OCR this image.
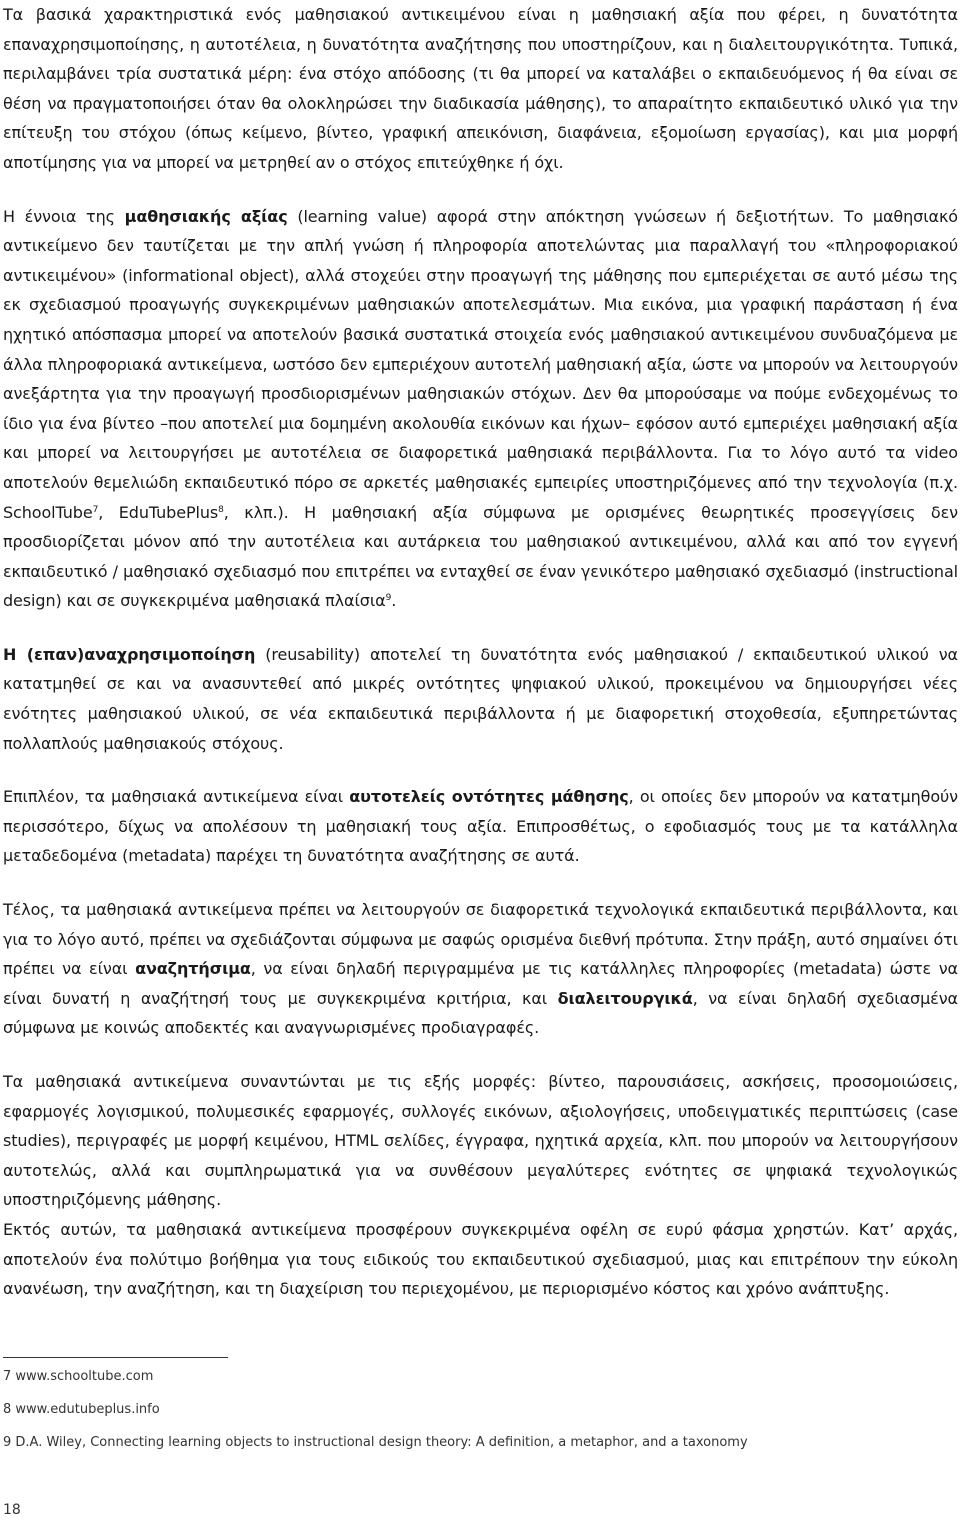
Τα βασικά χαρακτηριστικά ενός μαθησιακού αντικειμένου είναι η μαθησιακή αξία που φέρει, η δυνατότητα επαναχρησιμοποίησης, η αυτοτέλεια, η δυνατότητα αναζήτησης που υποστηρίζουν, και η διαλειτουργικότητα. Τυπικά, περιλαμβάνει τρία συστατικά μέρη: ένα στόχο απόδοσης (τι θα μπορεί να καταλάβει ο εκπαιδευόμενος ή θα είναι σε θέση να πραγματοποιήσει όταν θα ολοκληρώσει την διαδικασία μάθησης), το απαραίτητο εκπαιδευτικό υλικό για την επίτευξη του στόχου (όπως κείμενο, βίντεο, γραφική απεικόνιση, διαφάνεια, εξομοίωση εργασίας), και μια μορφή αποτίμησης για να μπορεί να μετρηθεί αν ο στόχος επιτεύχθηκε ή όχι.

Η έννοια της μαθησιακής αξίας (learning value) αφορά στην απόκτηση γνώσεων ή δεξιοτήτων. Το μαθησιακό αντικείμενο δεν ταυτίζεται με την απλή γνώση ή πληροφορία αποτελώντας μια παραλλαγή του «πληροφοριακού αντικειμένου» (informational object), αλλά στοχεύει στην προαγωγή της μάθησης που εμπεριέχεται σε αυτό μέσω της εκ σχεδιασμού προαγωγής συγκεκριμένων μαθησιακών αποτελεσμάτων. Μια εικόνα, μια γραφική παράσταση ή ένα ηχητικό απόσπασμα μπορεί να αποτελούν βασικά συστατικά στοιχεία ενός μαθησιακού αντικειμένου συνδυαζόμενα με άλλα πληροφοριακά αντικείμενα, ωστόσο δεν εμπεριέχουν αυτοτελή μαθησιακή αξία, ώστε να μπορούν να λειτουργούν ανεξάρτητα για την προαγωγή προσδιορισμένων μαθησιακών στόχων. Δεν θα μπορούσαμε να πούμε ενδεχομένως το ίδιο για ένα βίντεο –που αποτελεί μια δομημένη ακολουθία εικόνων και ήχων– εφόσον αυτό εμπεριέχει μαθησιακή αξία και μπορεί να λειτουργήσει με αυτοτέλεια σε διαφορετικά μαθησιακά περιβάλλοντα. Για το λόγο αυτό τα video αποτελούν θεμελιώδη εκπαιδευτικό πόρο σε αρκετές μαθησιακές εμπειρίες υποστηριζόμενες από την τεχνολογία (π.χ. SchoolTube$^7$, EduTubePlus$^8$, κλπ.). Η μαθησιακή αξία σύμφωνα με ορισμένες θεωρητικές προσεγγίσεις δεν προσδιορίζεται μόνον από την αυτοτέλεια και αυτάρκεια του μαθησιακού αντικειμένου, αλλά και από τον εγγενή εκπαιδευτικό / μαθησιακό σχεδιασμό που επιτρέπει να ενταχθεί σε έναν γενικότερο μαθησιακό σχεδιασμό (instructional design) και σε συγκεκριμένα μαθησιακά πλαίσια$^9$.

Η (επαν)αναχρησιμοποίηση (reusability) αποτελεί τη δυνατότητα ενός μαθησιακού / εκπαιδευτικού υλικού να κατατμηθεί σε και να ανασυντεθεί από μικρές οντότητες ψηφιακού υλικού, προκειμένου να δημιουργήσει νέες ενότητες μαθησιακού υλικού, σε νέα εκπαιδευτικά περιβάλλοντα ή με διαφορετική στοχοθεσία, εξυπηρετώντας πολλαπλούς μαθησιακούς στόχους.

Επιπλέον, τα μαθησιακά αντικείμενα είναι αυτοτελείς οντότητες μάθησης, οι οποίες δεν μπορούν να κατατμηθούν περισσότερο, δίχως να απολέσουν τη μαθησιακή τους αξία. Επιπροσθέτως, ο εφοδιασμός τους με τα κατάλληλα μεταδεδομένα (metadata) παρέχει τη δυνατότητα αναζήτησης σε αυτά.

Τέλος, τα μαθησιακά αντικείμενα πρέπει να λειτουργούν σε διαφορετικά τεχνολογικά εκπαιδευτικά περιβάλλοντα, και για το λόγο αυτό, πρέπει να σχεδιάζονται σύμφωνα με σαφώς ορισμένα διεθνή πρότυπα. Στην πράξη, αυτό σημαίνει ότι πρέπει να είναι αναζητήσιμα, να είναι δηλαδή περιγραμμένα με τις κατάλληλες πληροφορίες (metadata) ώστε να είναι δυνατή η αναζήτησή τους με συγκεκριμένα κριτήρια, και διαλειτουργικά, να είναι δηλαδή σχεδιασμένα σύμφωνα με κοινώς αποδεκτές και αναγνωρισμένες προδιαγραφές.

Τα μαθησιακά αντικείμενα συναντώνται με τις εξής μορφές: βίντεο, παρουσιάσεις, ασκήσεις, προσομοιώσεις, εφαρμογές λογισμικού, πολυμεσικές εφαρμογές, συλλογές εικόνων, αξιολογήσεις, υποδειγματικές περιπτώσεις (case studies), περιγραφές με μορφή κειμένου, HTML σελίδες, έγγραφα, ηχητικά αρχεία, κλπ. που μπορούν να λειτουργήσουν αυτοτελώς, αλλά και συμπληρωματικά για να συνθέσουν μεγαλύτερες ενότητες σε ψηφιακά τεχνολογικώς υποστηριζόμενης μάθησης.

Εκτός αυτών, τα μαθησιακά αντικείμενα προσφέρουν συγκεκριμένα οφέλη σε ευρύ φάσμα χρηστών. Κατ’ αρχάς, αποτελούν ένα πολύτιμο βοήθημα για τους ειδικούς του εκπαιδευτικού σχεδιασμού, μιας και επιτρέπουν την εύκολη ανανέωση, την αναζήτηση, και τη διαχείριση του περιεχομένου, με περιορισμένο κόστος και χρόνο ανάπτυξης.

7 www.schooltube.com
8 www.edutubeplus.info
9 D.A. Wiley, Connecting learning objects to instructional design theory: A definition, a metaphor, and a taxonomy
18
